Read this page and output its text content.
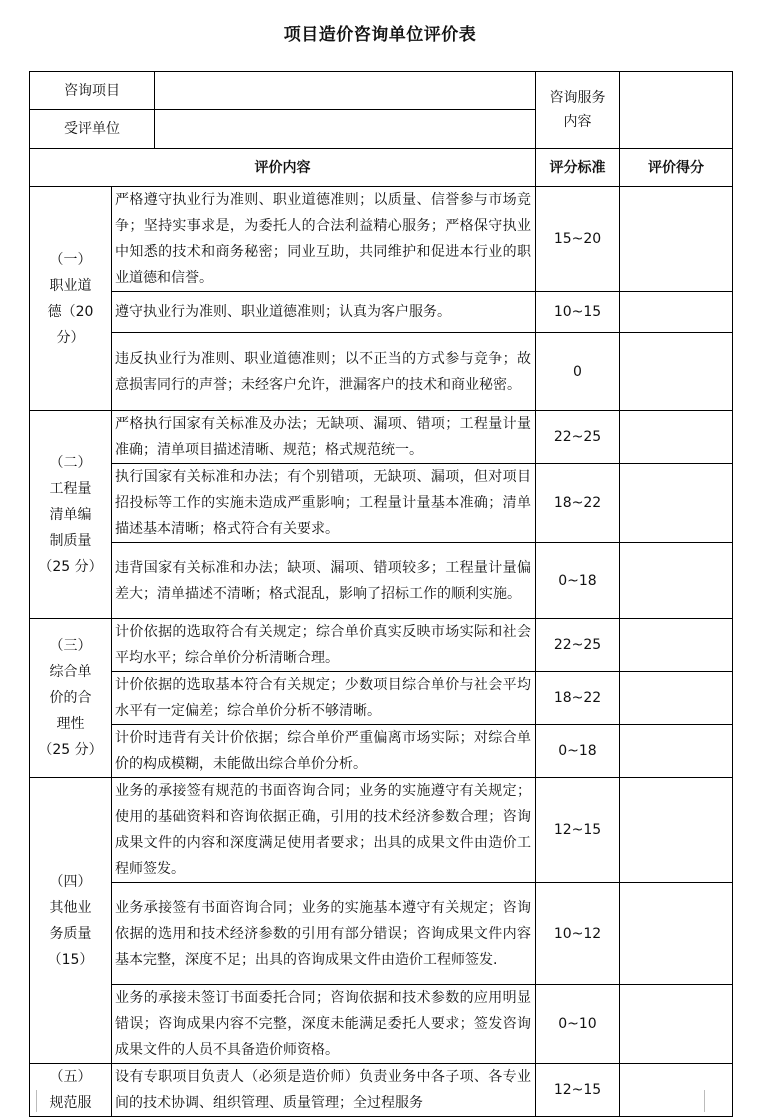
项目造价咨询单位评价表
咨询项目			咨询服务
内容	

受评单位				
评价内容			评分标准	评价得分

（一）
职业道
德（20
分）	严格遵守执业行为准则、职业道德准则；以质量、信誉参与市场竞争；坚持实事求是，为委托人的合法利益精心服务；严格保守执业中知悉的技术和商务秘密；同业互助，共同维护和促进本行业的职业道德和信誉。		15~20	
	遵守执业行为准则、职业道德准则；认真为客户服务。		10~15	
	违反执业行为准则、职业道德准则；以不正当的方式参与竞争；故意损害同行的声誉；未经客户允许，泄漏客户的技术和商业秘密。		0	

（二）
工程量
清单编
制质量
（25 分）	严格执行国家有关标准及办法；无缺项、漏项、错项；工程量计量准确；清单项目描述清晰、规范；格式规范统一。		22~25	
	执行国家有关标准和办法；有个别错项，无缺项、漏项，但对项目招投标等工作的实施未造成严重影响；工程量计量基本准确；清单描述基本清晰；格式符合有关要求。		18~22	
	违背国家有关标准和办法；缺项、漏项、错项较多；工程量计量偏差大；清单描述不清晰；格式混乱，影响了招标工作的顺利实施。		0~18	

（三）
综合单
价的合
理性
（25 分）	计价依据的选取符合有关规定；综合单价真实反映市场实际和社会平均水平；综合单价分析清晰合理。		22~25	
	计价依据的选取基本符合有关规定；少数项目综合单价与社会平均水平有一定偏差；综合单价分析不够清晰。		18~22	
	计价时违背有关计价依据；综合单价严重偏离市场实际；对综合单价的构成模糊，未能做出综合单价分析。		0~18	

（四）
其他业
务质量
（15）	业务的承接签有规范的书面咨询合同；业务的实施遵守有关规定；使用的基础资料和咨询依据正确，引用的技术经济参数合理；咨询成果文件的内容和深度满足使用者要求；出具的成果文件由造价工程师签发。		12~15	
	业务承接签有书面咨询合同；业务的实施基本遵守有关规定；咨询依据的选用和技术经济参数的引用有部分错误；咨询成果文件内容基本完整，深度不足；出具的咨询成果文件由造价工程师签发.		10~12	
	业务的承接未签订书面委托合同；咨询依据和技术参数的应用明显错误；咨询成果内容不完整，深度未能满足委托人要求；签发咨询成果文件的人员不具备造价师资格。		0~10	

（五）
规范服	设有专职项目负责人（必须是造价师）负责业务中各子项、各专业间的技术协调、组织管理、质量管理；全过程服务		12~15	
